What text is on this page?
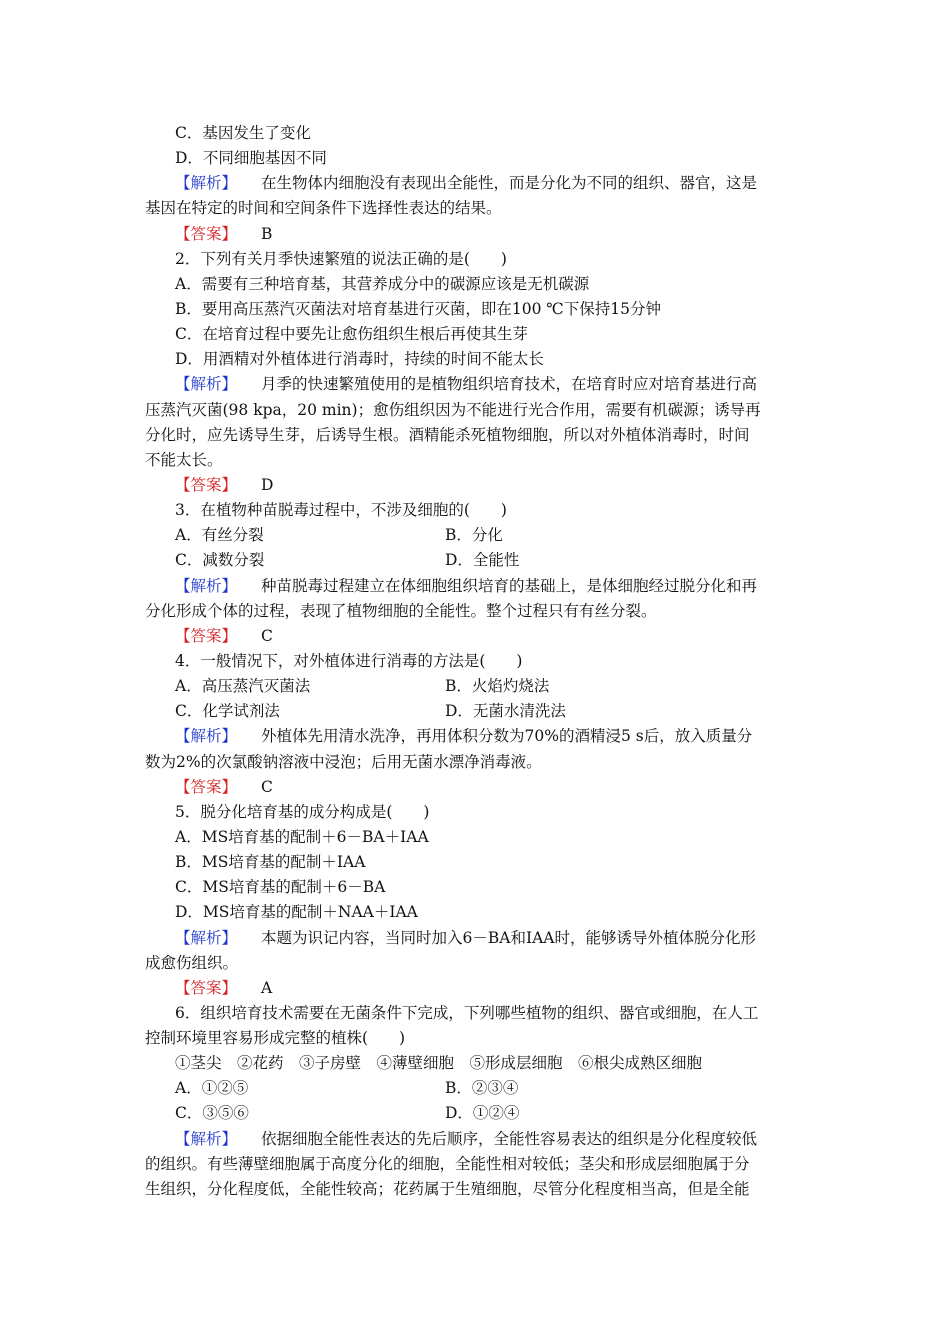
C．基因发生了变化
D．不同细胞基因不同
【解析】 在生物体内细胞没有表现出全能性，而是分化为不同的组织、器官，这是
基因在特定的时间和空间条件下选择性表达的结果。
【答案】 B
2．下列有关月季快速繁殖的说法正确的是(　　)
A．需要有三种培育基，其营养成分中的碳源应该是无机碳源
B．要用高压蒸汽灭菌法对培育基进行灭菌，即在100 ℃下保持15分钟
C．在培育过程中要先让愈伤组织生根后再使其生芽
D．用酒精对外植体进行消毒时，持续的时间不能太长
【解析】 月季的快速繁殖使用的是植物组织培育技术，在培育时应对培育基进行高
压蒸汽灭菌(98 kpa，20 min)；愈伤组织因为不能进行光合作用，需要有机碳源；诱导再
分化时，应先诱导生芽，后诱导生根。酒精能杀死植物细胞，所以对外植体消毒时，时间
不能太长。
【答案】 D
3．在植物种苗脱毒过程中，不涉及细胞的(　　)
A．有丝分裂	B．分化
C．减数分裂	D．全能性
【解析】 种苗脱毒过程建立在体细胞组织培育的基础上，是体细胞经过脱分化和再
分化形成个体的过程，表现了植物细胞的全能性。整个过程只有有丝分裂。
【答案】 C
4．一般情况下，对外植体进行消毒的方法是(　　)
A．高压蒸汽灭菌法	B．火焰灼烧法
C．化学试剂法	D．无菌水清洗法
【解析】 外植体先用清水洗净，再用体积分数为70%的酒精浸5 s后，放入质量分
数为2%的次氯酸钠溶液中浸泡；后用无菌水漂净消毒液。
【答案】 C
5．脱分化培育基的成分构成是(　　)
A．MS培育基的配制＋6－BA＋IAA
B．MS培育基的配制＋IAA
C．MS培育基的配制＋6－BA
D．MS培育基的配制＋NAA＋IAA
【解析】 本题为识记内容，当同时加入6－BA和IAA时，能够诱导外植体脱分化形
成愈伤组织。
【答案】 A
6．组织培育技术需要在无菌条件下完成，下列哪些植物的组织、器官或细胞，在人工
控制环境里容易形成完整的植株(　　)
①茎尖　②花药　③子房壁　④薄壁细胞　⑤形成层细胞　⑥根尖成熟区细胞
A．①②⑤	B．②③④
C．③⑤⑥	D．①②④
【解析】 依据细胞全能性表达的先后顺序，全能性容易表达的组织是分化程度较低
的组织。有些薄壁细胞属于高度分化的细胞，全能性相对较低；茎尖和形成层细胞属于分
生组织，分化程度低，全能性较高；花药属于生殖细胞，尽管分化程度相当高，但是全能
